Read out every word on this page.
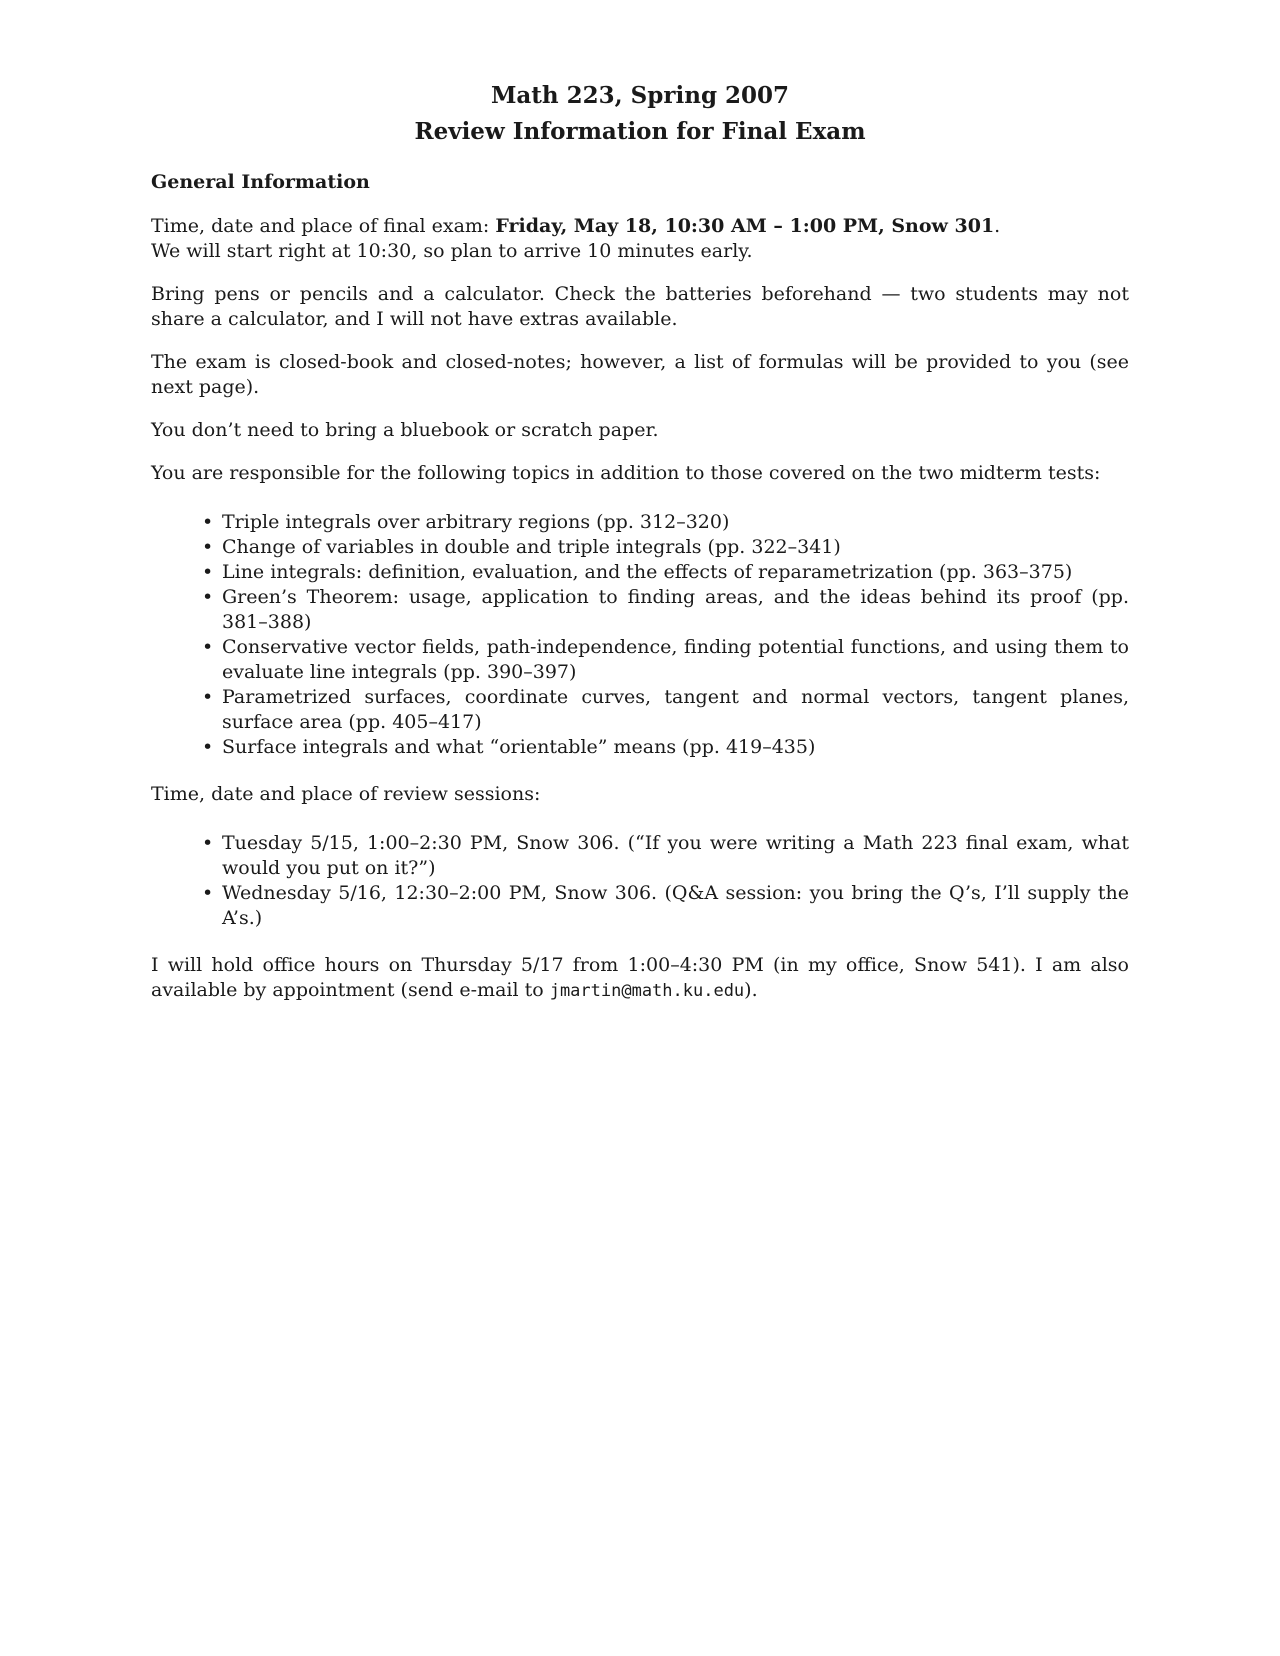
Math 223, Spring 2007
Review Information for Final Exam
General Information

Time, date and place of final exam: Friday, May 18, 10:30 AM – 1:00 PM, Snow 301.

We will start right at 10:30, so plan to arrive 10 minutes early.

Bring pens or pencils and a calculator. Check the batteries beforehand — two students may not share a calculator, and I will not have extras available.

The exam is closed-book and closed-notes; however, a list of formulas will be provided to you (see next page).

You don’t need to bring a bluebook or scratch paper.

You are responsible for the following topics in addition to those covered on the two midterm tests:

• Triple integrals over arbitrary regions (pp. 312–320)
• Change of variables in double and triple integrals (pp. 322–341)
• Line integrals: definition, evaluation, and the effects of reparametrization (pp. 363–375)
• Green’s Theorem: usage, application to finding areas, and the ideas behind its proof (pp. 381–388)
• Conservative vector fields, path-independence, finding potential functions, and using them to evaluate line integrals (pp. 390–397)
• Parametrized surfaces, coordinate curves, tangent and normal vectors, tangent planes, surface area (pp. 405–417)
• Surface integrals and what “orientable” means (pp. 419–435)

Time, date and place of review sessions:

• Tuesday 5/15, 1:00–2:30 PM, Snow 306. (“If you were writing a Math 223 final exam, what would you put on it?”)
• Wednesday 5/16, 12:30–2:00 PM, Snow 306. (Q&A session: you bring the Q’s, I’ll supply the A’s.)

I will hold office hours on Thursday 5/17 from 1:00–4:30 PM (in my office, Snow 541). I am also available by appointment (send e-mail to jmartin@math.ku.edu).
